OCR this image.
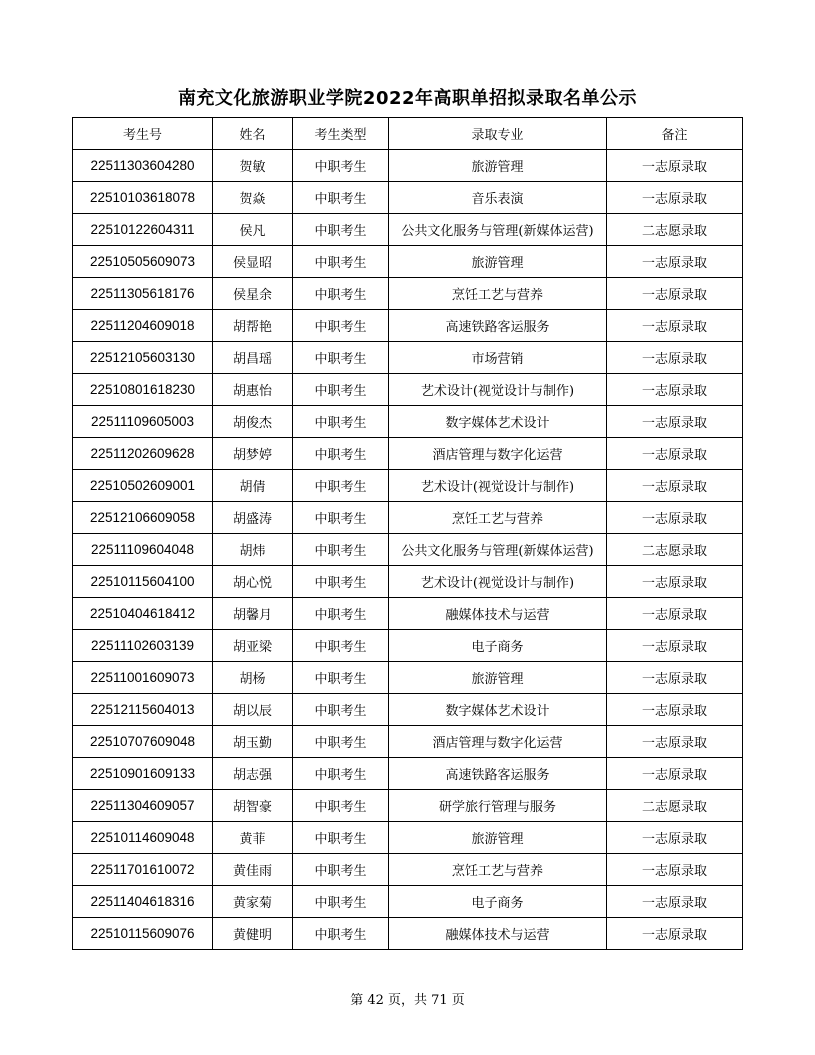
南充文化旅游职业学院2022年高职单招拟录取名单公示
考生号	姓名	考生类型	录取专业	备注
22511303604280	贺敏	中职考生	旅游管理	一志原录取
22510103618078	贺焱	中职考生	音乐表演	一志原录取
22510122604311	侯凡	中职考生	公共文化服务与管理(新媒体运营)	二志愿录取
22510505609073	侯显昭	中职考生	旅游管理	一志原录取
22511305618176	侯星余	中职考生	烹饪工艺与营养	一志原录取
22511204609018	胡帮艳	中职考生	高速铁路客运服务	一志原录取
22512105603130	胡昌瑶	中职考生	市场营销	一志原录取
22510801618230	胡惠怡	中职考生	艺术设计(视觉设计与制作)	一志原录取
22511109605003	胡俊杰	中职考生	数字媒体艺术设计	一志原录取
22511202609628	胡梦婷	中职考生	酒店管理与数字化运营	一志原录取
22510502609001	胡倩	中职考生	艺术设计(视觉设计与制作)	一志原录取
22512106609058	胡盛涛	中职考生	烹饪工艺与营养	一志原录取
22511109604048	胡炜	中职考生	公共文化服务与管理(新媒体运营)	二志愿录取
22510115604100	胡心悦	中职考生	艺术设计(视觉设计与制作)	一志原录取
22510404618412	胡馨月	中职考生	融媒体技术与运营	一志原录取
22511102603139	胡亚梁	中职考生	电子商务	一志原录取
22511001609073	胡杨	中职考生	旅游管理	一志原录取
22512115604013	胡以辰	中职考生	数字媒体艺术设计	一志原录取
22510707609048	胡玉勤	中职考生	酒店管理与数字化运营	一志原录取
22510901609133	胡志强	中职考生	高速铁路客运服务	一志原录取
22511304609057	胡智豪	中职考生	研学旅行管理与服务	二志愿录取
22510114609048	黄菲	中职考生	旅游管理	一志原录取
22511701610072	黄佳雨	中职考生	烹饪工艺与营养	一志原录取
22511404618316	黄家菊	中职考生	电子商务	一志原录取
22510115609076	黄健明	中职考生	融媒体技术与运营	一志原录取
第 42 页，共 71 页
